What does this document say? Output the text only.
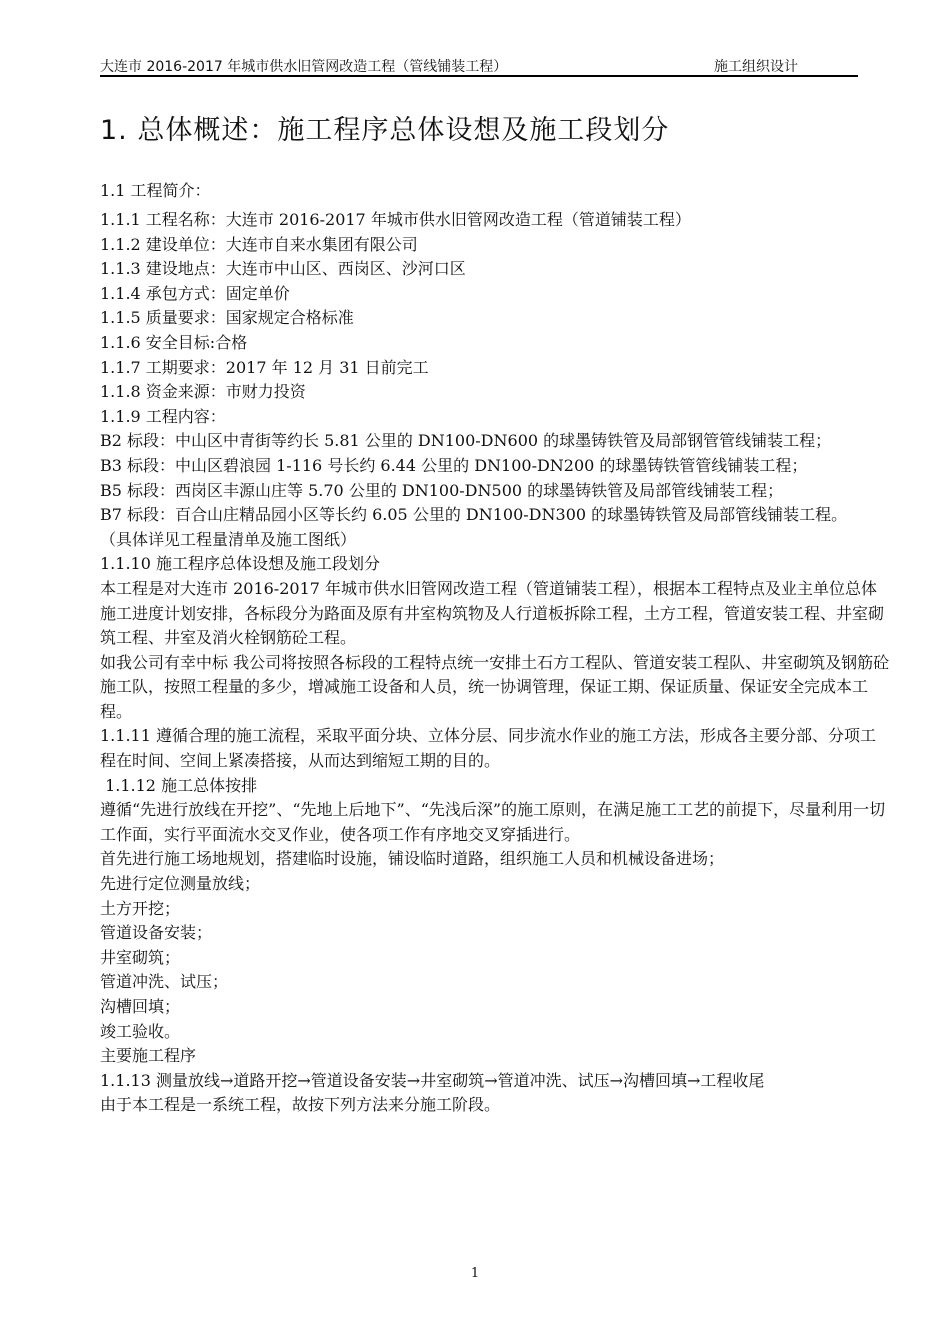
大连市 2016-2017 年城市供水旧管网改造工程（管线铺装工程）	施工组织设计
1. 总体概述：施工程序总体设想及施工段划分
1.1 工程简介：

1.1.1 工程名称：大连市 2016-2017 年城市供水旧管网改造工程（管道铺装工程）

1.1.2 建设单位：大连市自来水集团有限公司

1.1.3 建设地点：大连市中山区、西岗区、沙河口区

1.1.4 承包方式：固定单价

1.1.5 质量要求：国家规定合格标准

1.1.6 安全目标:合格

1.1.7 工期要求：2017 年 12 月 31 日前完工

1.1.8 资金来源：市财力投资

1.1.9 工程内容：

B2 标段：中山区中青街等约长 5.81 公里的 DN100-DN600 的球墨铸铁管及局部钢管管线铺装工程；

B3 标段：中山区碧浪园 1-116 号长约 6.44 公里的 DN100-DN200 的球墨铸铁管管线铺装工程；

B5 标段：西岗区丰源山庄等 5.70 公里的 DN100-DN500 的球墨铸铁管及局部管线铺装工程；

B7 标段：百合山庄精品园小区等长约 6.05 公里的 DN100-DN300 的球墨铸铁管及局部管线铺装工程。

（具体详见工程量清单及施工图纸）

1.1.10 施工程序总体设想及施工段划分

本工程是对大连市 2016-2017 年城市供水旧管网改造工程（管道铺装工程），根据本工程特点及业主单位总体施工进度计划安排，各标段分为路面及原有井室构筑物及人行道板拆除工程，土方工程，管道安装工程、井室砌筑工程、井室及消火栓钢筋砼工程。

如我公司有幸中标 我公司将按照各标段的工程特点统一安排土石方工程队、管道安装工程队、井室砌筑及钢筋砼施工队，按照工程量的多少，增减施工设备和人员，统一协调管理，保证工期、保证质量、保证安全完成本工程。

1.1.11 遵循合理的施工流程，采取平面分块、立体分层、同步流水作业的施工方法，形成各主要分部、分项工程在时间、空间上紧凑搭接，从而达到缩短工期的目的。

1.1.12 施工总体按排

遵循“先进行放线在开挖”、“先地上后地下”、“先浅后深”的施工原则，在满足施工工艺的前提下，尽量利用一切工作面，实行平面流水交叉作业，使各项工作有序地交叉穿插进行。

首先进行施工场地规划，搭建临时设施，铺设临时道路，组织施工人员和机械设备进场；

先进行定位测量放线；

土方开挖；

管道设备安装；

井室砌筑；

管道冲洗、试压；

沟槽回填；

竣工验收。

主要施工程序

1.1.13 测量放线→道路开挖→管道设备安装→井室砌筑→管道冲洗、试压→沟槽回填→工程收尾

由于本工程是一系统工程，故按下列方法来分施工阶段。

1
